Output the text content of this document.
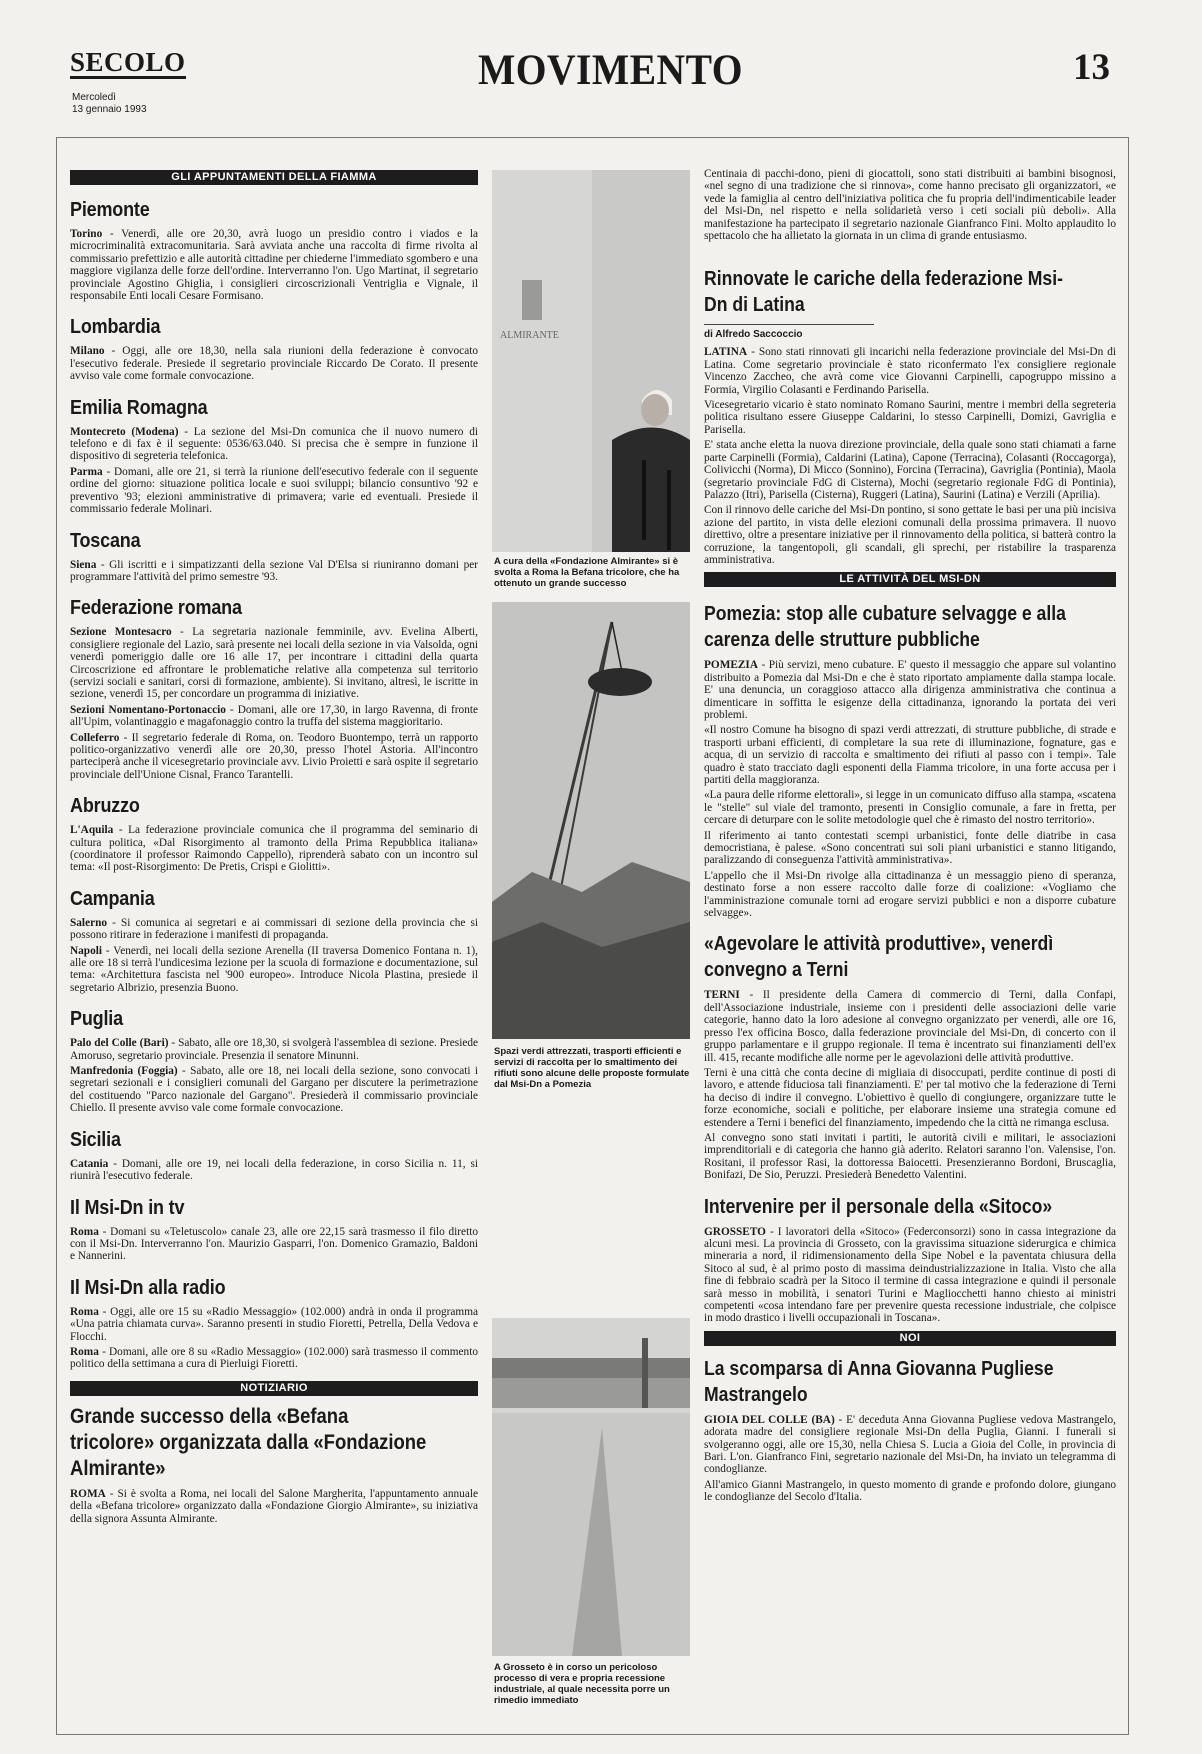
SECOLO
Mercoledì
13 gennaio 1993
MOVIMENTO	13
GLI APPUNTAMENTI DELLA FIAMMA
Piemonte

Torino - Venerdì, alle ore 20,30, avrà luogo un presidio contro i viados e la microcriminalità extracomunitaria. Sarà avviata anche una raccolta di firme rivolta al commissario prefettizio e alle autorità cittadine per chiederne l'immediato sgombero e una maggiore vigilanza delle forze dell'ordine. Interverranno l'on. Ugo Martinat, il segretario provinciale Agostino Ghiglia, i consiglieri circoscrizionali Ventriglia e Vignale, il responsabile Enti locali Cesare Formisano.

Lombardia

Milano - Oggi, alle ore 18,30, nella sala riunioni della federazione è convocato l'esecutivo federale. Presiede il segretario provinciale Riccardo De Corato. Il presente avviso vale come formale convocazione.

Emilia Romagna

Montecreto (Modena) - La sezione del Msi-Dn comunica che il nuovo numero di telefono e di fax è il seguente: 0536/63.040. Si precisa che è sempre in funzione il dispositivo di segreteria telefonica.

Parma - Domani, alle ore 21, si terrà la riunione dell'esecutivo federale con il seguente ordine del giorno: situazione politica locale e suoi sviluppi; bilancio consuntivo '92 e preventivo '93; elezioni amministrative di primavera; varie ed eventuali. Presiede il commissario federale Molinari.

Toscana

Siena - Gli iscritti e i simpatizzanti della sezione Val D'Elsa si riuniranno domani per programmare l'attività del primo semestre '93.

Federazione romana

Sezione Montesacro - La segretaria nazionale femminile, avv. Evelina Alberti, consigliere regionale del Lazio, sarà presente nei locali della sezione in via Valsolda, ogni venerdì pomeriggio dalle ore 16 alle 17, per incontrare i cittadini della quarta Circoscrizione ed affrontare le problematiche relative alla competenza sul territorio (servizi sociali e sanitari, corsi di formazione, ambiente). Si invitano, altresì, le iscritte in sezione, venerdì 15, per concordare un programma di iniziative.

Sezioni Nomentano-Portonaccio - Domani, alle ore 17,30, in largo Ravenna, di fronte all'Upim, volantinaggio e magafonaggio contro la truffa del sistema maggioritario.

Colleferro - Il segretario federale di Roma, on. Teodoro Buontempo, terrà un rapporto politico-organizzativo venerdì alle ore 20,30, presso l'hotel Astoria. All'incontro parteciperà anche il vicesegretario provinciale avv. Livio Proietti e sarà ospite il segretario provinciale dell'Unione Cisnal, Franco Tarantelli.

Abruzzo

L'Aquila - La federazione provinciale comunica che il programma del seminario di cultura politica, «Dal Risorgimento al tramonto della Prima Repubblica italiana» (coordinatore il professor Raimondo Cappello), riprenderà sabato con un incontro sul tema: «Il post-Risorgimento: De Pretis, Crispi e Giolitti».

Campania

Salerno - Si comunica ai segretari e ai commissari di sezione della provincia che si possono ritirare in federazione i manifesti di propaganda.

Napoli - Venerdì, nei locali della sezione Arenella (II traversa Domenico Fontana n. 1), alle ore 18 si terrà l'undicesima lezione per la scuola di formazione e documentazione, sul tema: «Architettura fascista nel '900 europeo». Introduce Nicola Plastina, presiede il segretario Albrizio, presenzia Buono.

Puglia

Palo del Colle (Bari) - Sabato, alle ore 18,30, si svolgerà l'assemblea di sezione. Presiede Amoruso, segretario provinciale. Presenzia il senatore Minunni.

Manfredonia (Foggia) - Sabato, alle ore 18, nei locali della sezione, sono convocati i segretari sezionali e i consiglieri comunali del Gargano per discutere la perimetrazione del costituendo "Parco nazionale del Gargano". Presiederà il commissario provinciale Chiello. Il presente avviso vale come formale convocazione.

Sicilia

Catania - Domani, alle ore 19, nei locali della federazione, in corso Sicilia n. 11, si riunirà l'esecutivo federale.

Il Msi-Dn in tv

Roma - Domani su «Teletuscolo» canale 23, alle ore 22,15 sarà trasmesso il filo diretto con il Msi-Dn. Interverranno l'on. Maurizio Gasparri, l'on. Domenico Gramazio, Baldoni e Nannerini.

Il Msi-Dn alla radio

Roma - Oggi, alle ore 15 su «Radio Messaggio» (102.000) andrà in onda il programma «Una patria chiamata curva». Saranno presenti in studio Fioretti, Petrella, Della Vedova e Flocchi.

Roma - Domani, alle ore 8 su «Radio Messaggio» (102.000) sarà trasmesso il commento politico della settimana a cura di Pierluigi Fioretti.

NOTIZIARIO
Grande successo della «Befana tricolore» organizzata dalla «Fondazione Almirante»

ROMA - Si è svolta a Roma, nei locali del Salone Margherita, l'appuntamento annuale della «Befana tricolore» organizzato dalla «Fondazione Giorgio Almirante», su iniziativa della signora Assunta Almirante.

ALMIRANTE
A cura della «Fondazione Almirante» si è svolta a Roma la Befana tricolore, che ha ottenuto un grande successo
Spazi verdi attrezzati, trasporti efficienti e servizi di raccolta per lo smaltimento dei rifiuti sono alcune delle proposte formulate dal Msi-Dn a Pomezia
A Grosseto è in corso un pericoloso processo di vera e propria recessione industriale, al quale necessita porre un rimedio immediato

Centinaia di pacchi-dono, pieni di giocattoli, sono stati distribuiti ai bambini bisognosi, «nel segno di una tradizione che si rinnova», come hanno precisato gli organizzatori, «e vede la famiglia al centro dell'iniziativa politica che fu propria dell'indimenticabile leader del Msi-Dn, nel rispetto e nella solidarietà verso i ceti sociali più deboli». Alla manifestazione ha partecipato il segretario nazionale Gianfranco Fini. Molto applaudito lo spettacolo che ha allietato la giornata in un clima di grande entusiasmo.

Rinnovate le cariche della federazione Msi-Dn di Latina
di Alfredo Saccoccio

LATINA - Sono stati rinnovati gli incarichi nella federazione provinciale del Msi-Dn di Latina. Come segretario provinciale è stato riconfermato l'ex consigliere regionale Vincenzo Zaccheo, che avrà come vice Giovanni Carpinelli, capogruppo missino a Formia, Virgilio Colasanti e Ferdinando Parisella.

Vicesegretario vicario è stato nominato Romano Saurini, mentre i membri della segreteria politica risultano essere Giuseppe Caldarini, lo stesso Carpinelli, Domizi, Gavriglia e Parisella.

E' stata anche eletta la nuova direzione provinciale, della quale sono stati chiamati a farne parte Carpinelli (Formia), Caldarini (Latina), Capone (Terracina), Colasanti (Roccagorga), Colivicchi (Norma), Di Micco (Sonnino), Forcina (Terracina), Gavriglia (Pontinia), Maola (segretario provinciale FdG di Cisterna), Mochi (segretario regionale FdG di Pontinia), Palazzo (Itri), Parisella (Cisterna), Ruggeri (Latina), Saurini (Latina) e Verzili (Aprilia).

Con il rinnovo delle cariche del Msi-Dn pontino, si sono gettate le basi per una più incisiva azione del partito, in vista delle elezioni comunali della prossima primavera. Il nuovo direttivo, oltre a presentare iniziative per il rinnovamento della politica, si batterà contro la corruzione, la tangentopoli, gli scandali, gli sprechi, per ristabilire la trasparenza amministrativa.

LE ATTIVITÀ DEL MSI-DN
Pomezia: stop alle cubature selvagge e alla carenza delle strutture pubbliche

POMEZIA - Più servizi, meno cubature. E' questo il messaggio che appare sul volantino distribuito a Pomezia dal Msi-Dn e che è stato riportato ampiamente dalla stampa locale. E' una denuncia, un coraggioso attacco alla dirigenza amministrativa che continua a dimenticare in soffitta le esigenze della cittadinanza, ignorando la portata dei veri problemi.

«Il nostro Comune ha bisogno di spazi verdi attrezzati, di strutture pubbliche, di strade e trasporti urbani efficienti, di completare la sua rete di illuminazione, fognature, gas e acqua, di un servizio di raccolta e smaltimento dei rifiuti al passo con i tempi». Tale quadro è stato tracciato dagli esponenti della Fiamma tricolore, in una forte accusa per i partiti della maggioranza.

«La paura delle riforme elettorali», si legge in un comunicato diffuso alla stampa, «scatena le "stelle" sul viale del tramonto, presenti in Consiglio comunale, a fare in fretta, per cercare di deturpare con le solite metodologie quel che è rimasto del nostro territorio».

Il riferimento ai tanto contestati scempi urbanistici, fonte delle diatribe in casa democristiana, è palese. «Sono concentrati sui soli piani urbanistici e stanno litigando, paralizzando di conseguenza l'attività amministrativa».

L'appello che il Msi-Dn rivolge alla cittadinanza è un messaggio pieno di speranza, destinato forse a non essere raccolto dalle forze di coalizione: «Vogliamo che l'amministrazione comunale torni ad erogare servizi pubblici e non a disporre cubature selvagge».

«Agevolare le attività produttive», venerdì convegno a Terni

TERNI - Il presidente della Camera di commercio di Terni, dalla Confapi, dell'Associazione industriale, insieme con i presidenti delle associazioni delle varie categorie, hanno dato la loro adesione al convegno organizzato per venerdì, alle ore 16, presso l'ex officina Bosco, dalla federazione provinciale del Msi-Dn, di concerto con il gruppo parlamentare e il gruppo regionale. Il tema è incentrato sui finanziamenti dell'ex ill. 415, recante modifiche alle norme per le agevolazioni delle attività produttive.

Terni è una città che conta decine di migliaia di disoccupati, perdite continue di posti di lavoro, e attende fiduciosa tali finanziamenti. E' per tal motivo che la federazione di Terni ha deciso di indire il convegno. L'obiettivo è quello di congiungere, organizzare tutte le forze economiche, sociali e politiche, per elaborare insieme una strategia comune ed estendere a Terni i benefici del finanziamento, impedendo che la città ne rimanga esclusa.

Al convegno sono stati invitati i partiti, le autorità civili e militari, le associazioni imprenditoriali e di categoria che hanno già aderito. Relatori saranno l'on. Valensise, l'on. Rositani, il professor Rasi, la dottoressa Baiocetti. Presenzieranno Bordoni, Bruscaglia, Bonifazi, De Sio, Peruzzi. Presiederà Benedetto Valentini.

Intervenire per il personale della «Sitoco»

GROSSETO - I lavoratori della «Sitoco» (Federconsorzi) sono in cassa integrazione da alcuni mesi. La provincia di Grosseto, con la gravissima situazione siderurgica e chimica mineraria a nord, il ridimensionamento della Sipe Nobel e la paventata chiusura della Sitoco al sud, è al primo posto di massima deindustrializzazione in Italia. Visto che alla fine di febbraio scadrà per la Sitoco il termine di cassa integrazione e quindi il personale sarà messo in mobilità, i senatori Turini e Magliocchetti hanno chiesto ai ministri competenti «cosa intendano fare per prevenire questa recessione industriale, che colpisce in modo drastico i livelli occupazionali in Toscana».

NOI
La scomparsa di Anna Giovanna Pugliese Mastrangelo

GIOIA DEL COLLE (BA) - E' deceduta Anna Giovanna Pugliese vedova Mastrangelo, adorata madre del consigliere regionale Msi-Dn della Puglia, Gianni. I funerali si svolgeranno oggi, alle ore 15,30, nella Chiesa S. Lucia a Gioia del Colle, in provincia di Bari. L'on. Gianfranco Fini, segretario nazionale del Msi-Dn, ha inviato un telegramma di condoglianze.

All'amico Gianni Mastrangelo, in questo momento di grande e profondo dolore, giungano le condoglianze del Secolo d'Italia.
